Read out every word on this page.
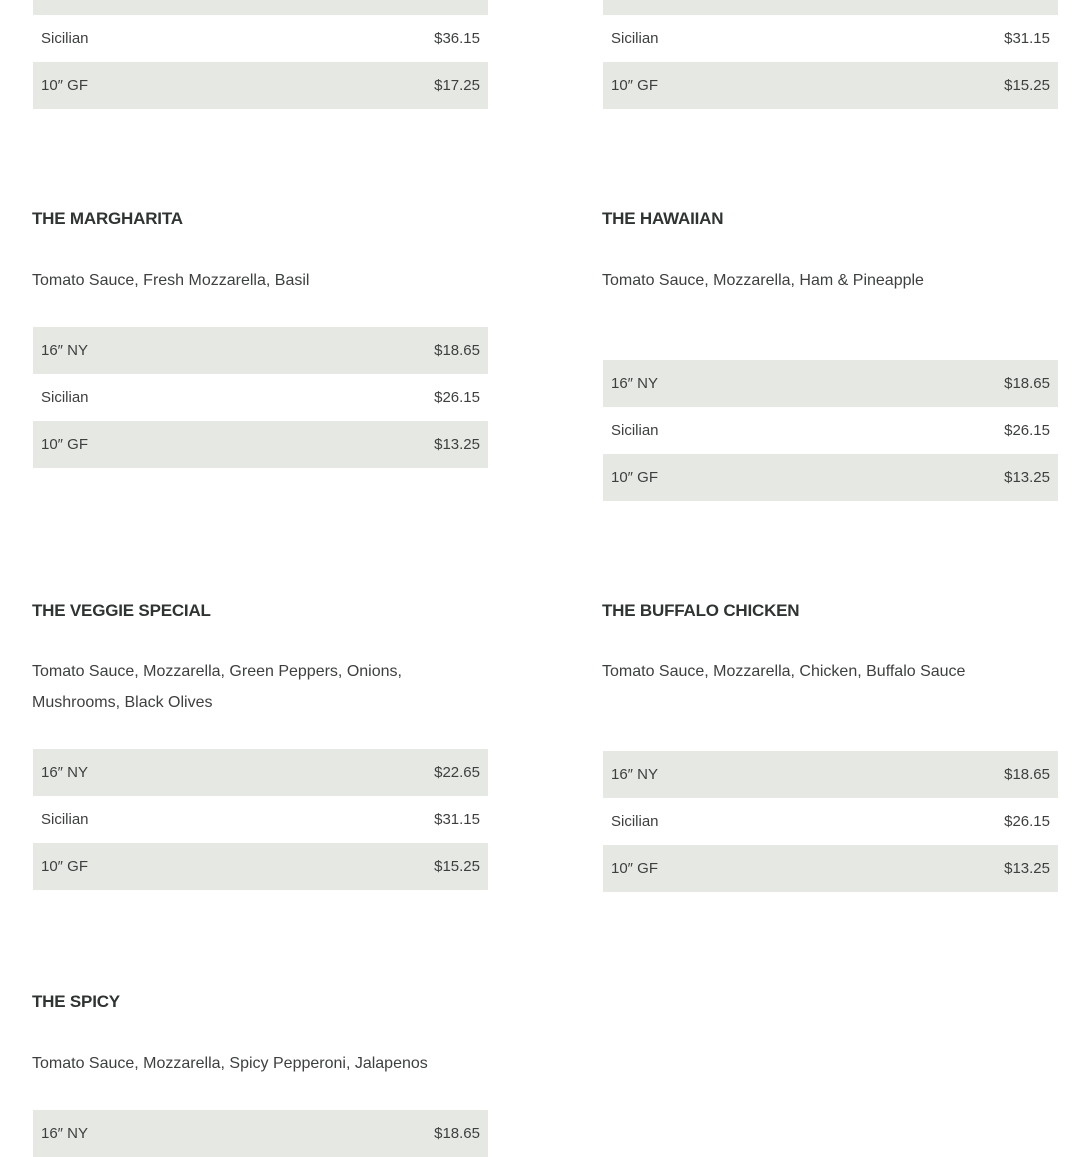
Sicilian	$36.15
10″ GF	$17.25
Sicilian	$31.15
10″ GF	$15.25
THE MARGHARITA

Tomato Sauce, Fresh Mozzarella, Basil

16″ NY	$18.65
Sicilian	$26.15
10″ GF	$13.25
THE HAWAIIAN

Tomato Sauce, Mozzarella, Ham & Pineapple

16″ NY	$18.65
Sicilian	$26.15
10″ GF	$13.25
THE VEGGIE SPECIAL

Tomato Sauce, Mozzarella, Green Peppers, Onions, Mushrooms, Black Olives

16″ NY	$22.65
Sicilian	$31.15
10″ GF	$15.25
THE BUFFALO CHICKEN

Tomato Sauce, Mozzarella, Chicken, Buffalo Sauce

16″ NY	$18.65
Sicilian	$26.15
10″ GF	$13.25
THE SPICY

Tomato Sauce, Mozzarella, Spicy Pepperoni, Jalapenos

16″ NY	$18.65
